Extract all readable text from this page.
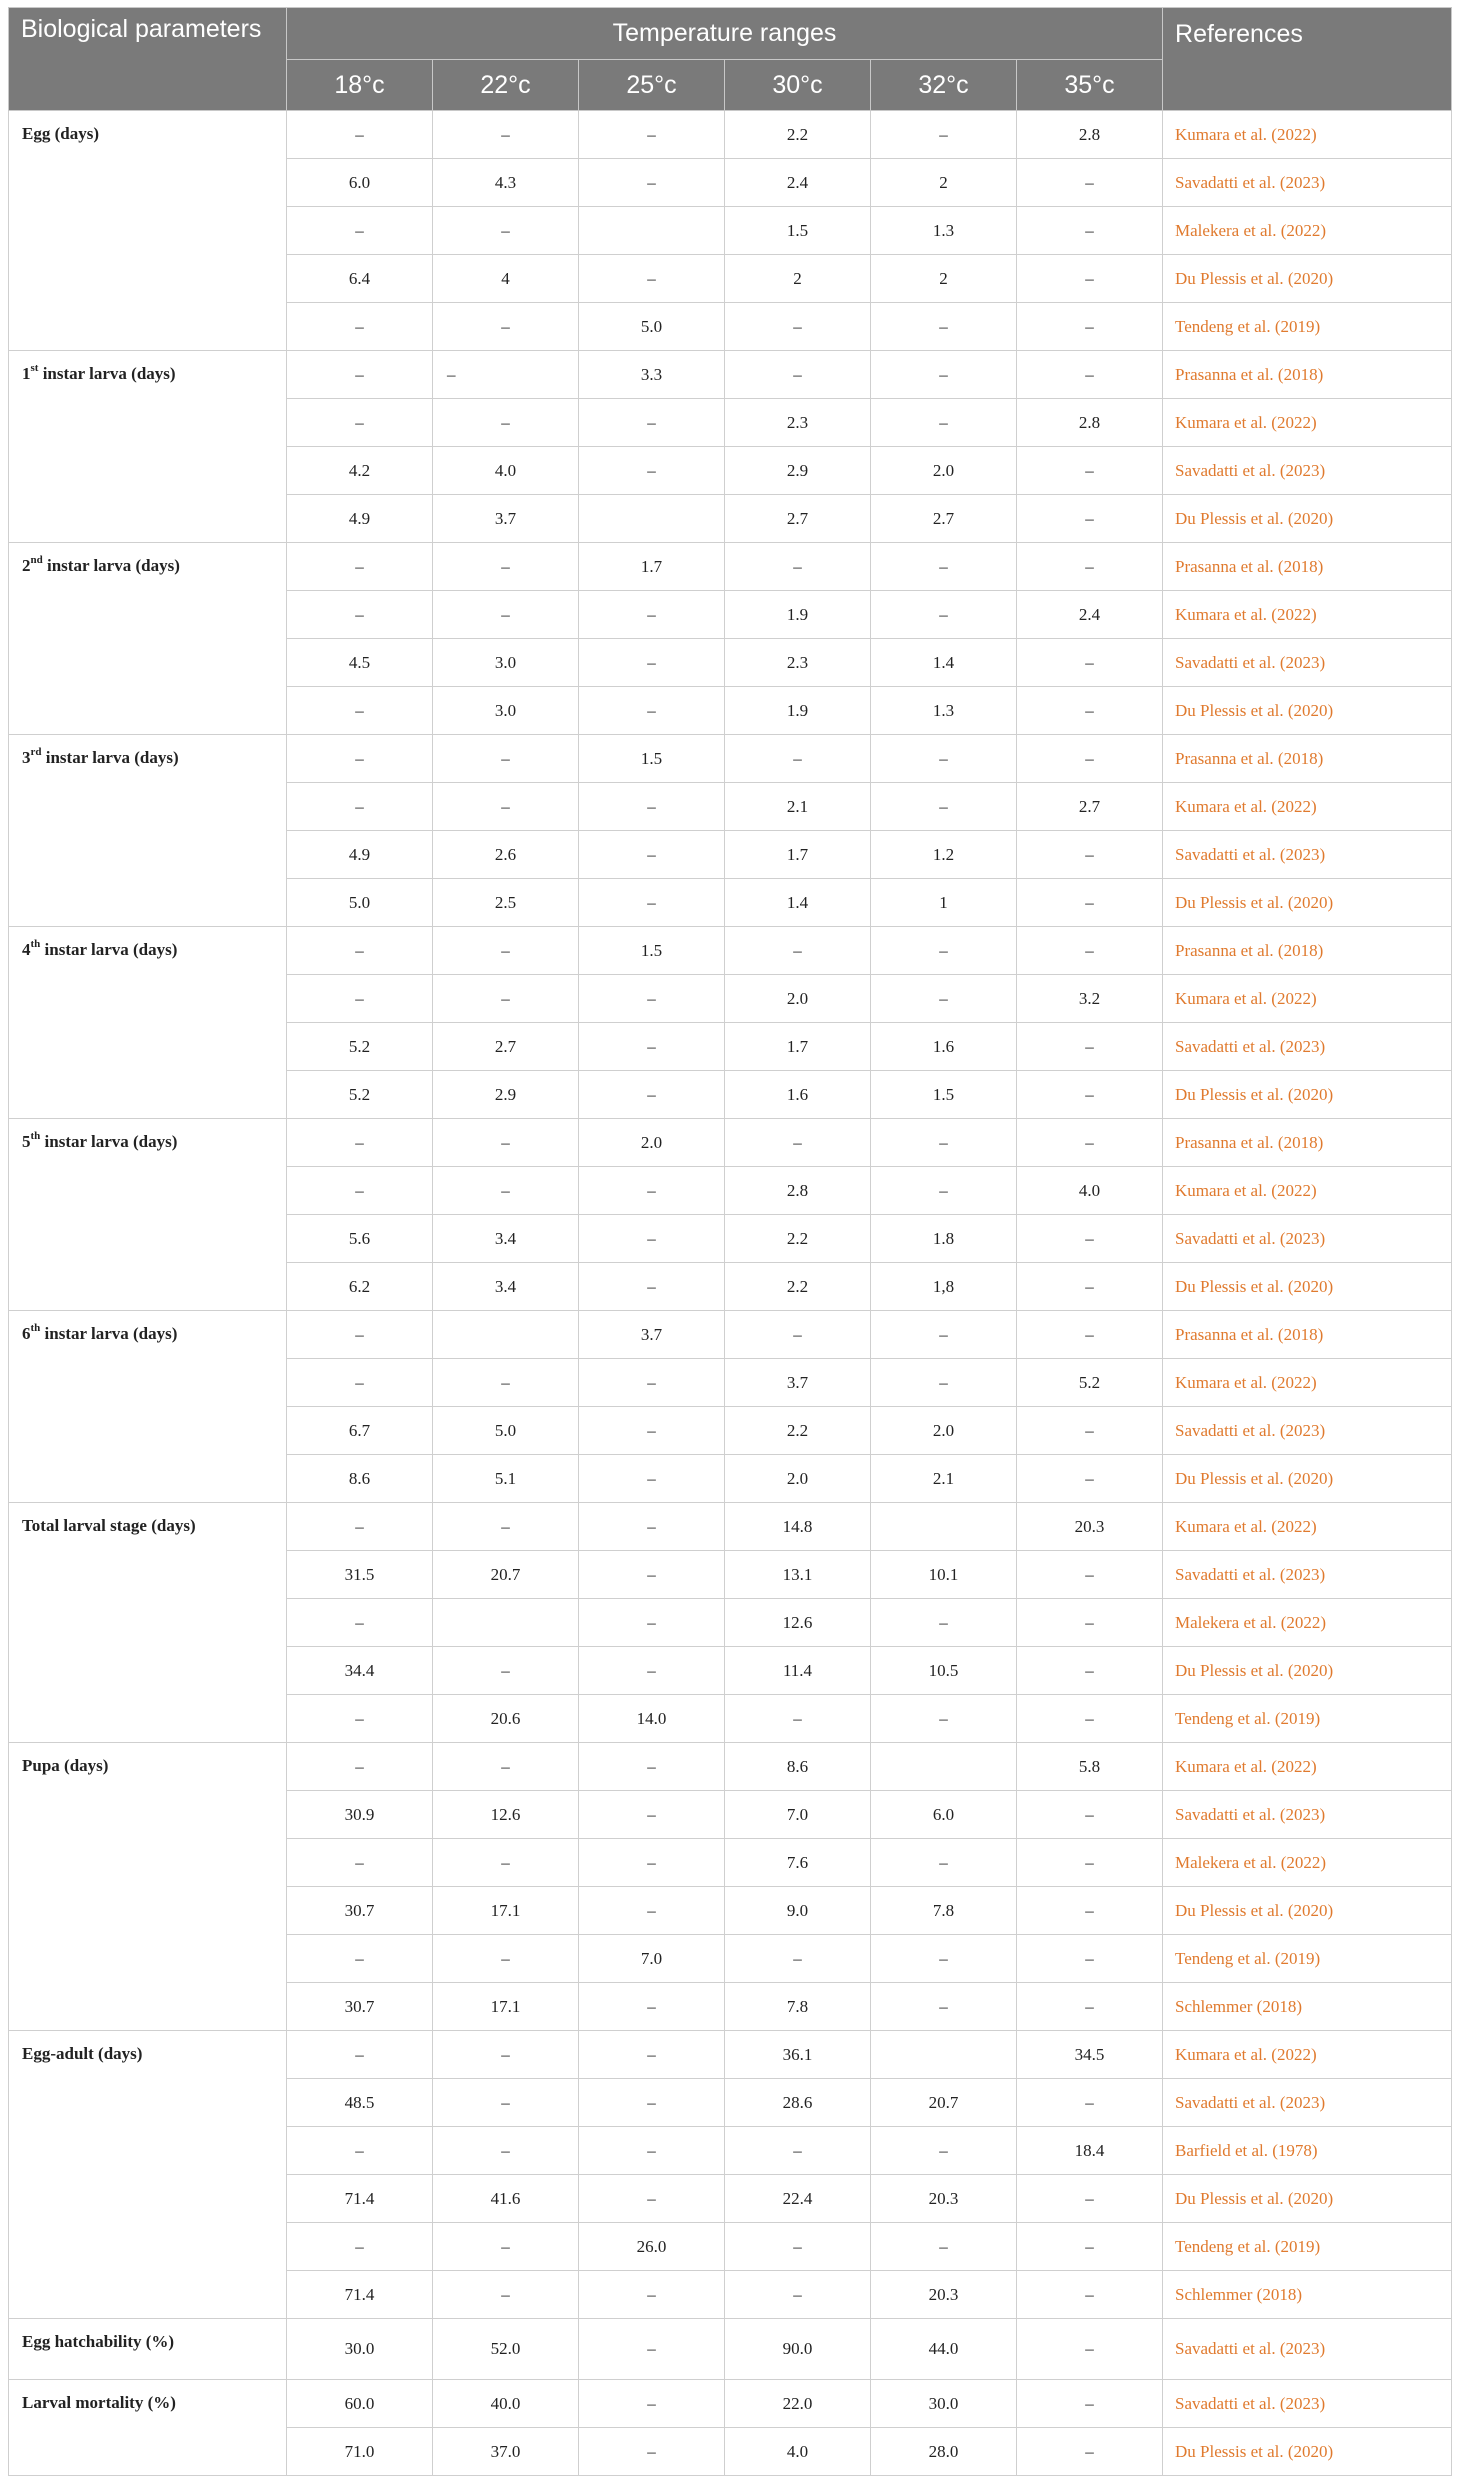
Biological parameters	Temperature ranges						References
	18°c	22°c	25°c	30°c	32°c	35°c	
Egg (days)	–	–	–	2.2	–	2.8	Kumara et al. (2022)
	6.0	4.3	–	2.4	2	–	Savadatti et al. (2023)
	–	–		1.5	1.3	–	Malekera et al. (2022)
	6.4	4	–	2	2	–	Du Plessis et al. (2020)
	–	–	5.0	–	–	–	Tendeng et al. (2019)
1st instar larva (days)	–	–	3.3	–	–	–	Prasanna et al. (2018)
	–	–	–	2.3	–	2.8	Kumara et al. (2022)
	4.2	4.0	–	2.9	2.0	–	Savadatti et al. (2023)
	4.9	3.7		2.7	2.7	–	Du Plessis et al. (2020)
2nd instar larva (days)	–	–	1.7	–	–	–	Prasanna et al. (2018)
	–	–	–	1.9	–	2.4	Kumara et al. (2022)
	4.5	3.0	–	2.3	1.4	–	Savadatti et al. (2023)
	–	3.0	–	1.9	1.3	–	Du Plessis et al. (2020)
3rd instar larva (days)	–	–	1.5	–	–	–	Prasanna et al. (2018)
	–	–	–	2.1	–	2.7	Kumara et al. (2022)
	4.9	2.6	–	1.7	1.2	–	Savadatti et al. (2023)
	5.0	2.5	–	1.4	1	–	Du Plessis et al. (2020)
4th instar larva (days)	–	–	1.5	–	–	–	Prasanna et al. (2018)
	–	–	–	2.0	–	3.2	Kumara et al. (2022)
	5.2	2.7	–	1.7	1.6	–	Savadatti et al. (2023)
	5.2	2.9	–	1.6	1.5	–	Du Plessis et al. (2020)
5th instar larva (days)	–	–	2.0	–	–	–	Prasanna et al. (2018)
	–	–	–	2.8	–	4.0	Kumara et al. (2022)
	5.6	3.4	–	2.2	1.8	–	Savadatti et al. (2023)
	6.2	3.4	–	2.2	1,8	–	Du Plessis et al. (2020)
6th instar larva (days)	–		3.7	–	–	–	Prasanna et al. (2018)
	–	–	–	3.7	–	5.2	Kumara et al. (2022)
	6.7	5.0	–	2.2	2.0	–	Savadatti et al. (2023)
	8.6	5.1	–	2.0	2.1	–	Du Plessis et al. (2020)
Total larval stage (days)	–	–	–	14.8		20.3	Kumara et al. (2022)
	31.5	20.7	–	13.1	10.1	–	Savadatti et al. (2023)
	–		–	12.6	–	–	Malekera et al. (2022)
	34.4	–	–	11.4	10.5	–	Du Plessis et al. (2020)
	–	20.6	14.0	–	–	–	Tendeng et al. (2019)
Pupa (days)	–	–	–	8.6		5.8	Kumara et al. (2022)
	30.9	12.6	–	7.0	6.0	–	Savadatti et al. (2023)
	–	–	–	7.6	–	–	Malekera et al. (2022)
	30.7	17.1	–	9.0	7.8	–	Du Plessis et al. (2020)
	–	–	7.0	–	–	–	Tendeng et al. (2019)
	30.7	17.1	–	7.8	–	–	Schlemmer (2018)
Egg-adult (days)	–	–	–	36.1		34.5	Kumara et al. (2022)
	48.5	–	–	28.6	20.7	–	Savadatti et al. (2023)
	–	–	–	–	–	18.4	Barfield et al. (1978)
	71.4	41.6	–	22.4	20.3	–	Du Plessis et al. (2020)
	–	–	26.0	–	–	–	Tendeng et al. (2019)
	71.4	–	–	–	20.3	–	Schlemmer (2018)
Egg hatchability (%)	30.0	52.0	–	90.0	44.0	–	Savadatti et al. (2023)
Larval mortality (%)	60.0	40.0	–	22.0	30.0	–	Savadatti et al. (2023)
	71.0	37.0	–	4.0	28.0	–	Du Plessis et al. (2020)
